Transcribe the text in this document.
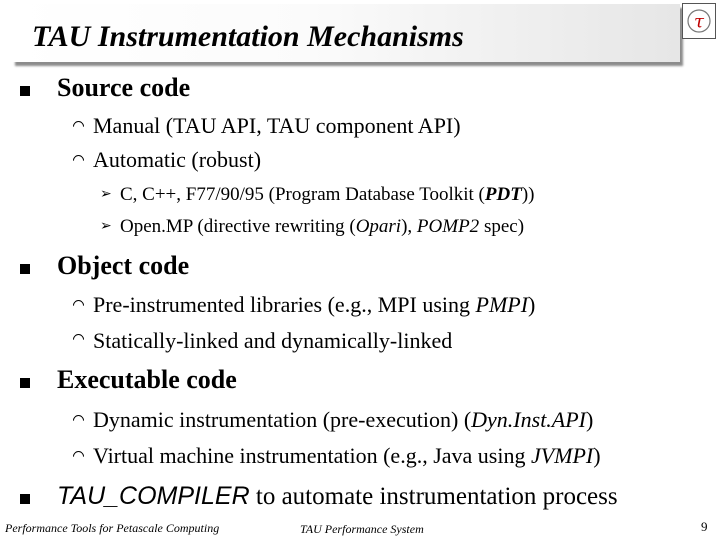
TAU Instrumentation Mechanisms	τ
Source code
Manual (TAU API, TAU component API)
Automatic (robust)
➢ C, C++, F77/90/95 (Program Database Toolkit (PDT))
➢ Open.MP (directive rewriting (Opari), POMP2 spec)
Object code
Pre-instrumented libraries (e.g., MPI using PMPI)
Statically-linked and dynamically-linked
Executable code
Dynamic instrumentation (pre-execution) (Dyn.Inst.API)
Virtual machine instrumentation (e.g., Java using JVMPI)
TAU_COMPILER to automate instrumentation process
Performance Tools for Petascale Computing	TAU Performance System	9
